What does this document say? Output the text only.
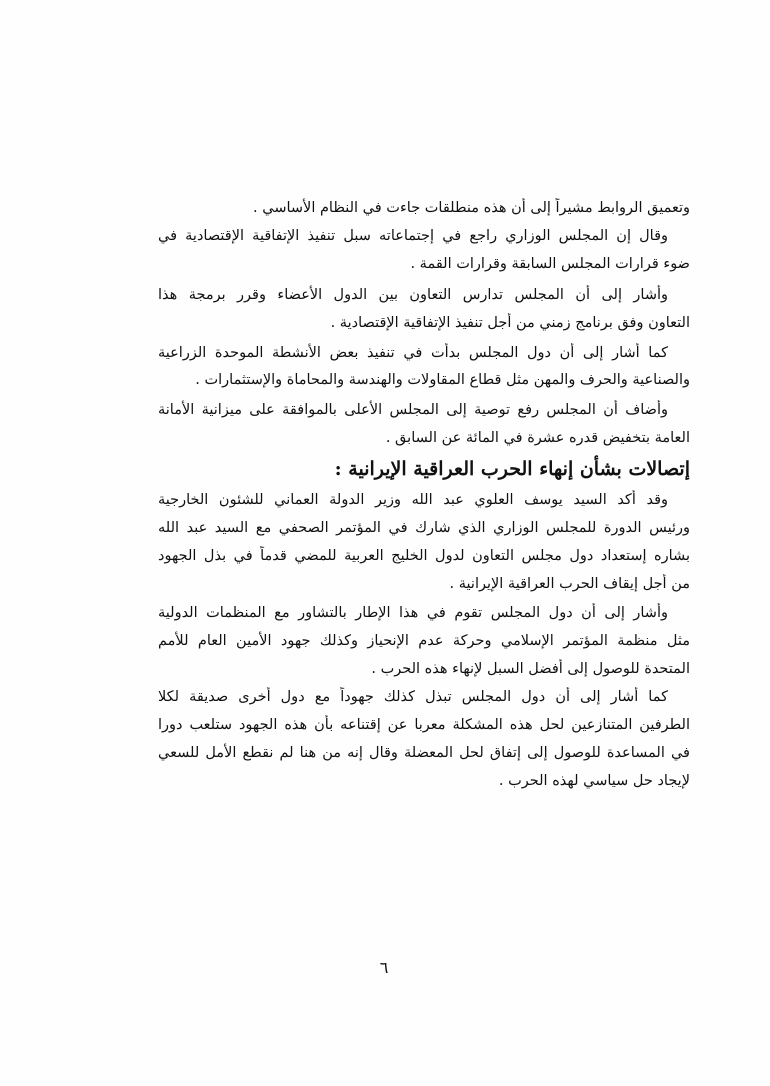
وتعميق الروابط مشيراً إلى أن هذه منطلقات جاءت في النظام الأساسي .
وقال إن المجلس الوزاري راجع في إجتماعاته سبل تنفيذ الإتفاقية الإقتصادية في
ضوء قرارات المجلس السابقة وقرارات القمة .
وأشار إلى أن المجلس تدارس التعاون بين الدول الأعضاء وقرر برمجة هذا
التعاون وفق برنامج زمني من أجل تنفيذ الإتفاقية الإقتصادية .
كما أشار إلى أن دول المجلس بدأت في تنفيذ بعض الأنشطة الموحدة الزراعية
والصناعية والحرف والمهن مثل قطاع المقاولات والهندسة والمحاماة والإستثمارات .
وأضاف أن المجلس رفع توصية إلى المجلس الأعلى بالموافقة على ميزانية الأمانة
العامة بتخفيض قدره عشرة في المائة عن السابق .
إتصالات بشأن إنهاء الحرب العراقية الإيرانية :
وقد أكد السيد يوسف العلوي عبد الله وزير الدولة العماني للشئون الخارجية
ورئيس الدورة للمجلس الوزاري الذي شارك في المؤتمر الصحفي مع السيد عبد الله
بشاره إستعداد دول مجلس التعاون لدول الخليج العربية للمضي قدماً في بذل الجهود
من أجل إيقاف الحرب العراقية الإيرانية .
وأشار إلى أن دول المجلس تقوم في هذا الإطار بالتشاور مع المنظمات الدولية
مثل منظمة المؤتمر الإسلامي وحركة عدم الإنحياز وكذلك جهود الأمين العام للأمم
المتحدة للوصول إلى أفضل السبل لإنهاء هذه الحرب .
كما أشار إلى أن دول المجلس تبذل كذلك جهوداً مع دول أخرى صديقة لكلا
الطرفين المتنازعين لحل هذه المشكلة معربا عن إقتناعه بأن هذه الجهود ستلعب دورا
في المساعدة للوصول إلى إتفاق لحل المعضلة وقال إنه من هنا لم نقطع الأمل للسعي
لإيجاد حل سياسي لهذه الحرب .
٦
